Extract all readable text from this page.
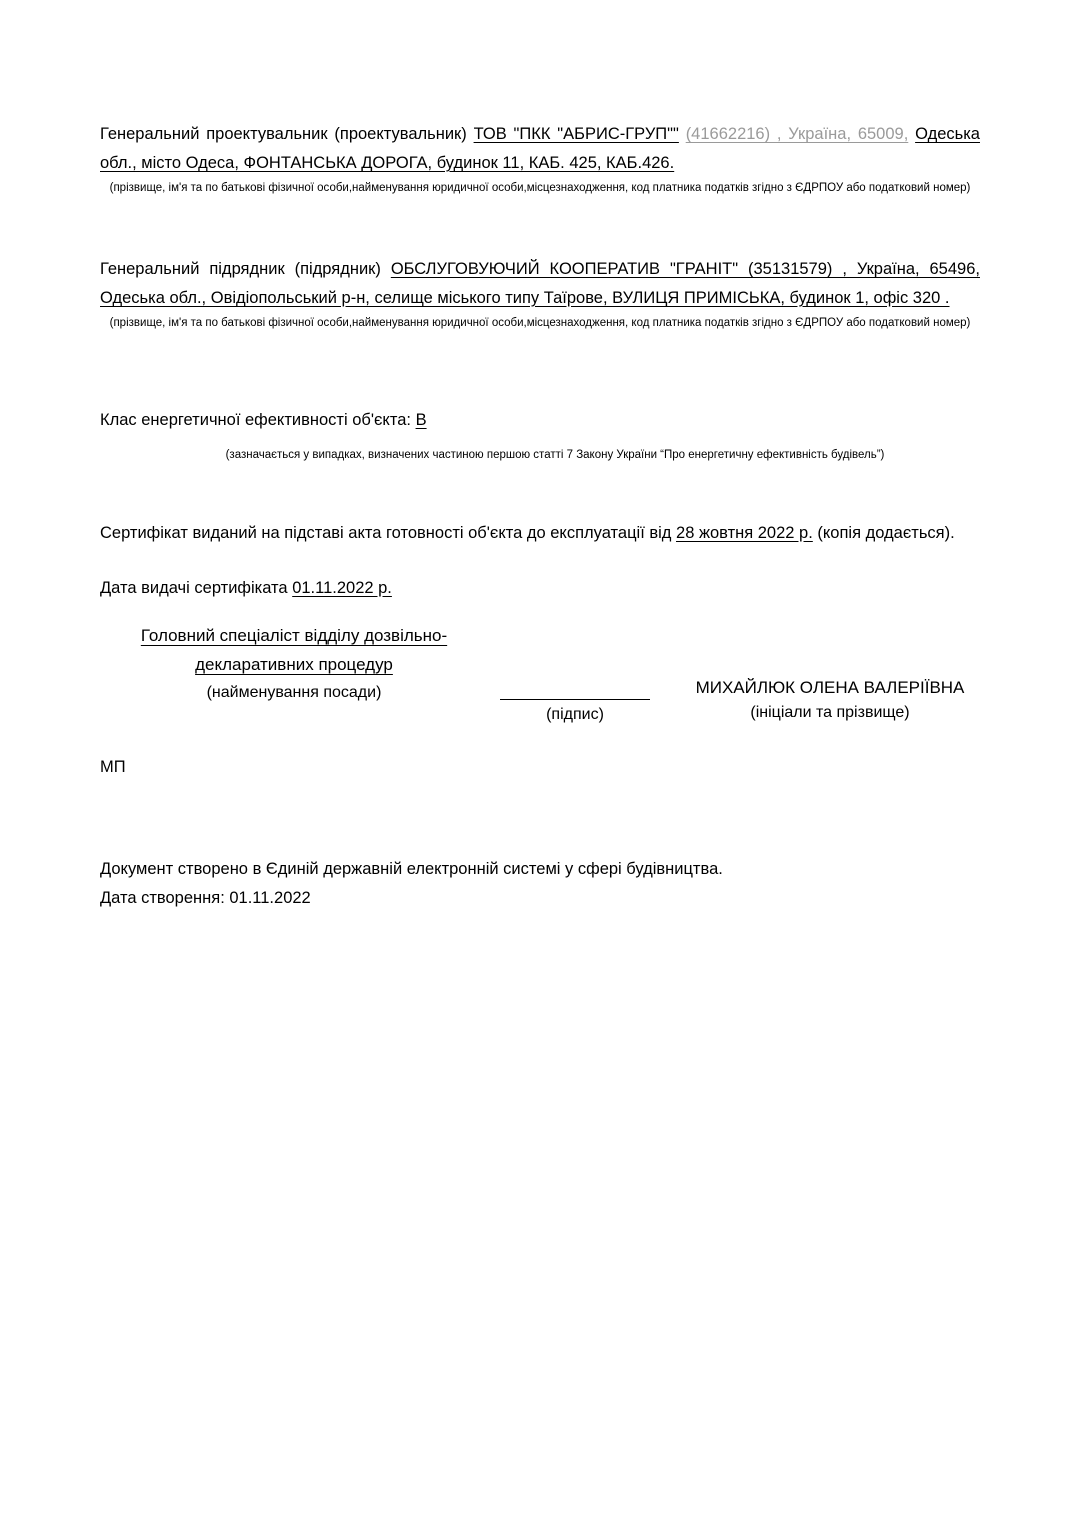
Генеральний проектувальник (проектувальник) ТОВ "ПКК "АБРИС-ГРУП"" (41662216) , Україна, 65009, Одеська обл., місто Одеса, ФОНТАНСЬКА ДОРОГА, будинок 11, КАБ. 425, КАБ.426.

(прізвище, ім'я та по батькові фізичної особи,найменування юридичної особи,місцезнаходження, код платника податків згідно з ЄДРПОУ або податковий номер)

Генеральний підрядник (підрядник) ОБСЛУГОВУЮЧИЙ КООПЕРАТИВ "ГРАНІТ" (35131579) , Україна, 65496, Одеська обл., Овідіопольський р-н, селище міського типу Таїрове, ВУЛИЦЯ ПРИМІСЬКА, будинок 1, офіс 320 .

(прізвище, ім'я та по батькові фізичної особи,найменування юридичної особи,місцезнаходження, код платника податків згідно з ЄДРПОУ або податковий номер)

Клас енергетичної ефективності об'єкта: B

(зазначається у випадках, визначених частиною першою статті 7 Закону України “Про енергетичну ефективність будівель”)

Сертифікат виданий на підставі акта готовності об'єкта до експлуатації від 28 жовтня 2022 р. (копія додається).

Дата видачі сертифіката 01.11.2022 р.

Головний спеціаліст відділу дозвільно-декларативних процедур
(найменування посади)
(підпис)
МИХАЙЛЮК ОЛЕНА ВАЛЕРІЇВНА
(ініціали та прізвище)
МП
Документ створено в Єдиній державній електронній системі у сфері будівництва.
Дата створення: 01.11.2022
